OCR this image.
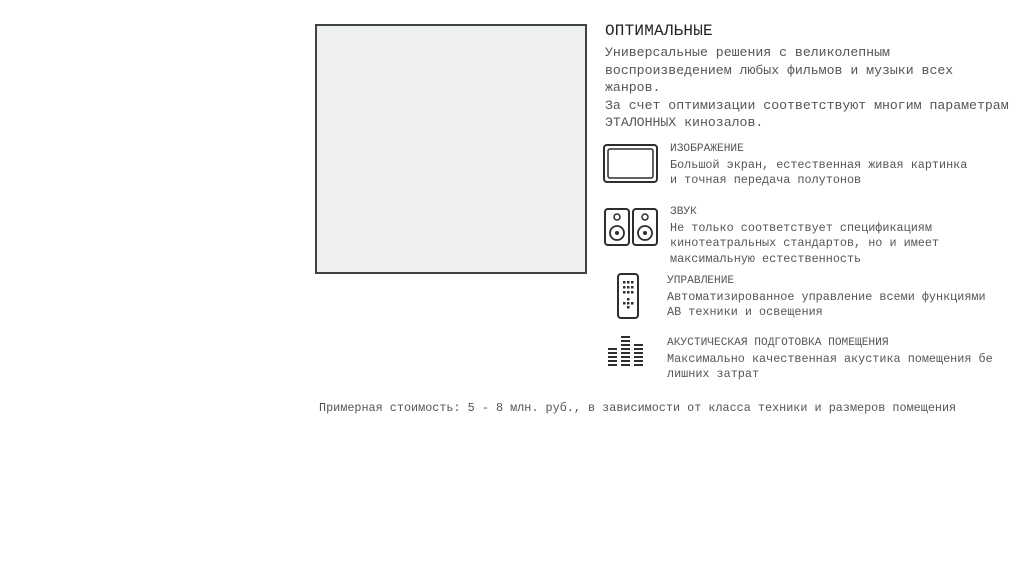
ОПТИМАЛЬНЫЕ

Универсальные решения с великолепным воспроизведением любых фильмов и музыки всех жанров.

За счет оптимизации соответствуют многим параметрам ЭТАЛОННЫХ кинозалов.

ИЗОБРАЖЕНИЕ
Большой экран, естественная живая картинка
и точная передача полутонов
ЗВУК
Не только соответствует спецификациям
кинотеатральных стандартов, но и имеет
максимальную естественность
УПРАВЛЕНИЕ
Автоматизированное управление всеми функциями
АВ техники и освещения
АКУСТИЧЕСКАЯ ПОДГОТОВКА ПОМЕЩЕНИЯ
Максимально качественная акустика помещения бе
лишних затрат
Примерная стоимость: 5 - 8 млн. руб., в зависимости от класса техники и размеров помещения
